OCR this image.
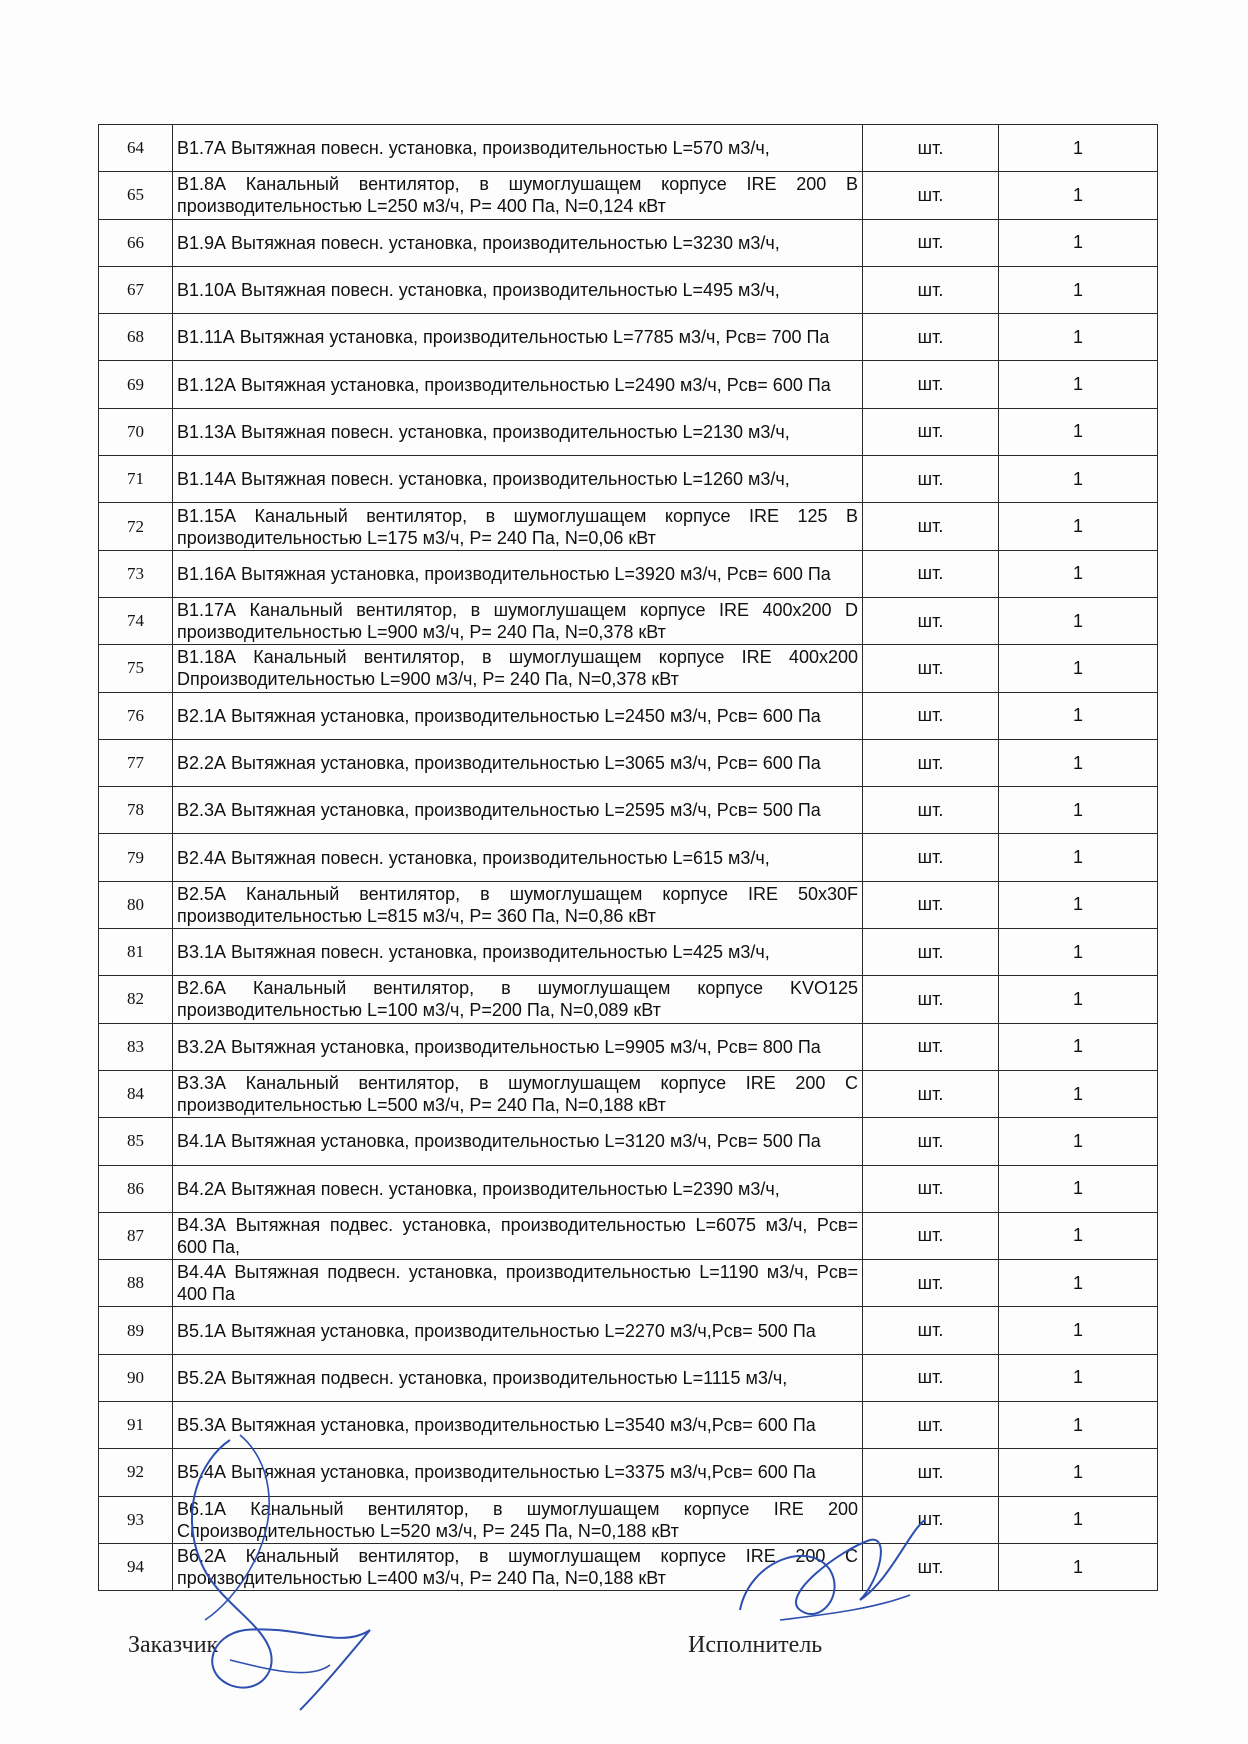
64	В1.7А Вытяжная повесн. установка, производительностью L=570 м3/ч,	шт.	1
65	В1.8А Канальный вентилятор, в шумоглушащем корпусе IRE 200 B производительностью L=250 м3/ч, Р= 400 Па, N=0,124 кВт	шт.	1
66	В1.9А Вытяжная повесн. установка, производительностью L=3230 м3/ч,	шт.	1
67	В1.10А Вытяжная повесн. установка, производительностью L=495 м3/ч,	шт.	1
68	В1.11А Вытяжная установка, производительностью L=7785 м3/ч, Рсв= 700 Па	шт.	1
69	В1.12А Вытяжная установка, производительностью L=2490 м3/ч, Рсв= 600 Па	шт.	1
70	В1.13А Вытяжная повесн. установка, производительностью L=2130 м3/ч,	шт.	1
71	В1.14А Вытяжная повесн. установка, производительностью L=1260 м3/ч,	шт.	1
72	В1.15А Канальный вентилятор, в шумоглушащем корпусе IRE 125 B производительностью L=175 м3/ч, Р= 240 Па, N=0,06 кВт	шт.	1
73	В1.16А Вытяжная установка, производительностью L=3920 м3/ч, Рсв= 600 Па	шт.	1
74	В1.17А Канальный вентилятор, в шумоглушащем корпусе IRE 400x200 D производительностью L=900 м3/ч, Р= 240 Па, N=0,378 кВт	шт.	1
75	В1.18А Канальный вентилятор, в шумоглушащем корпусе IRE 400x200 Dпроизводительностью L=900 м3/ч, Р= 240 Па, N=0,378 кВт	шт.	1
76	В2.1А Вытяжная установка, производительностью L=2450 м3/ч, Рсв= 600 Па	шт.	1
77	В2.2А Вытяжная установка, производительностью L=3065 м3/ч, Рсв= 600 Па	шт.	1
78	В2.3А Вытяжная установка, производительностью L=2595 м3/ч, Рсв= 500 Па	шт.	1
79	В2.4А Вытяжная повесн. установка, производительностью L=615 м3/ч,	шт.	1
80	В2.5А Канальный вентилятор, в шумоглушащем корпусе IRE 50x30F производительностью L=815 м3/ч, Р= 360 Па, N=0,86 кВт	шт.	1
81	В3.1А Вытяжная повесн. установка, производительностью L=425 м3/ч,	шт.	1
82	В2.6А Канальный вентилятор, в шумоглушащем корпусе KVO125 производительностью L=100 м3/ч, Р=200 Па, N=0,089 кВт	шт.	1
83	В3.2А Вытяжная установка, производительностью L=9905 м3/ч, Рсв= 800 Па	шт.	1
84	В3.3А Канальный вентилятор, в шумоглушащем корпусе IRE 200 C производительностью L=500 м3/ч, Р= 240 Па, N=0,188 кВт	шт.	1
85	В4.1А Вытяжная установка, производительностью L=3120 м3/ч, Рсв= 500 Па	шт.	1
86	В4.2А Вытяжная повесн. установка, производительностью L=2390 м3/ч,	шт.	1
87	В4.3А Вытяжная подвес. установка, производительностью L=6075 м3/ч, Рсв= 600 Па,	шт.	1
88	В4.4А Вытяжная подвесн. установка, производительностью L=1190 м3/ч, Рсв= 400 Па	шт.	1
89	В5.1А Вытяжная установка, производительностью L=2270 м3/ч,Рсв= 500 Па	шт.	1
90	В5.2А Вытяжная подвесн. установка, производительностью L=1115 м3/ч,	шт.	1
91	В5.3А Вытяжная установка, производительностью L=3540 м3/ч,Рсв= 600 Па	шт.	1
92	В5.4А Вытяжная установка, производительностью L=3375 м3/ч,Рсв= 600 Па	шт.	1
93	В6.1А Канальный вентилятор, в шумоглушащем корпусе IRE 200 Cпроизводительностью L=520 м3/ч, Р= 245 Па, N=0,188 кВт	шт.	1
94	В6.2А Канальный вентилятор, в шумоглушащем корпусе IRE 200 C производительностью L=400 м3/ч, Р= 240 Па, N=0,188 кВт	шт.	1
Заказчик	Исполнитель
